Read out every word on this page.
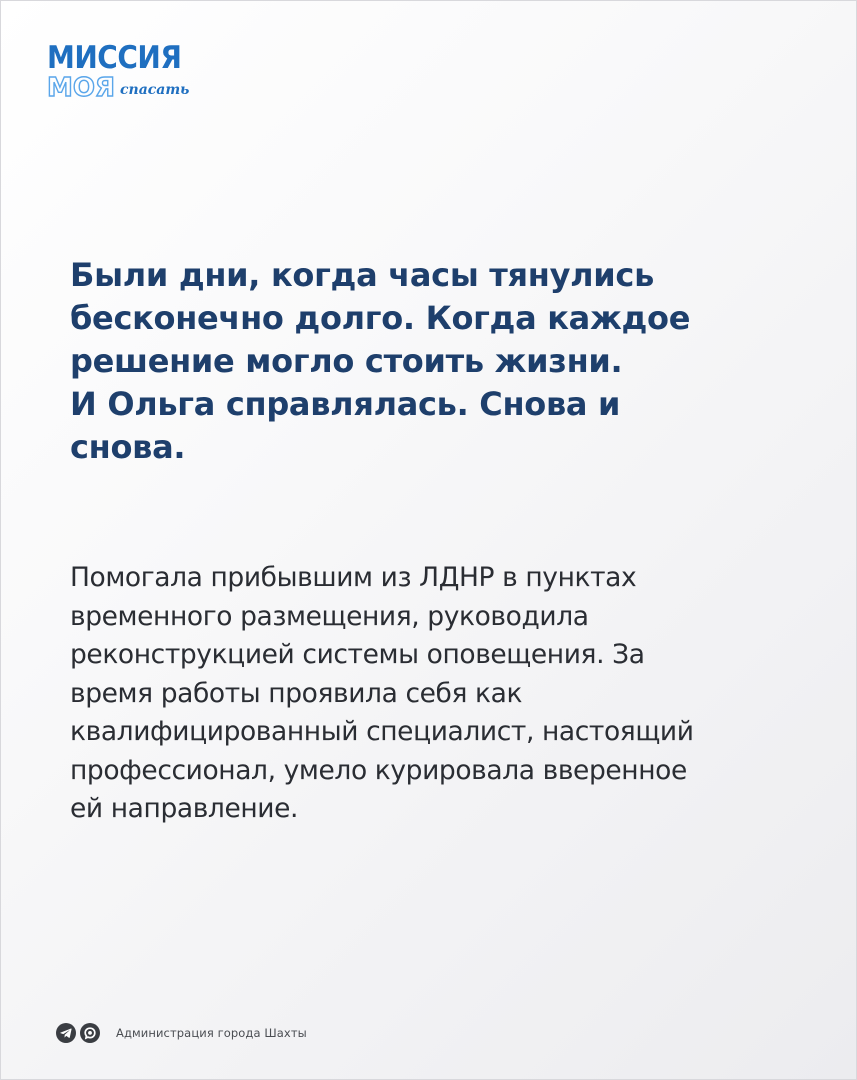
МИССИЯ
МОЯ спасать
Были дни, когда часы тянулись
бесконечно долго. Когда каждое
решение могло стоить жизни.
И Ольга справлялась. Снова и
снова.
Помогала прибывшим из ЛДНР в пунктах
временного размещения, руководила
реконструкцией системы оповещения. За
время работы проявила себя как
квалифицированный специалист, настоящий
профессионал, умело курировала вверенное
ей направление.
Администрация города Шахты
